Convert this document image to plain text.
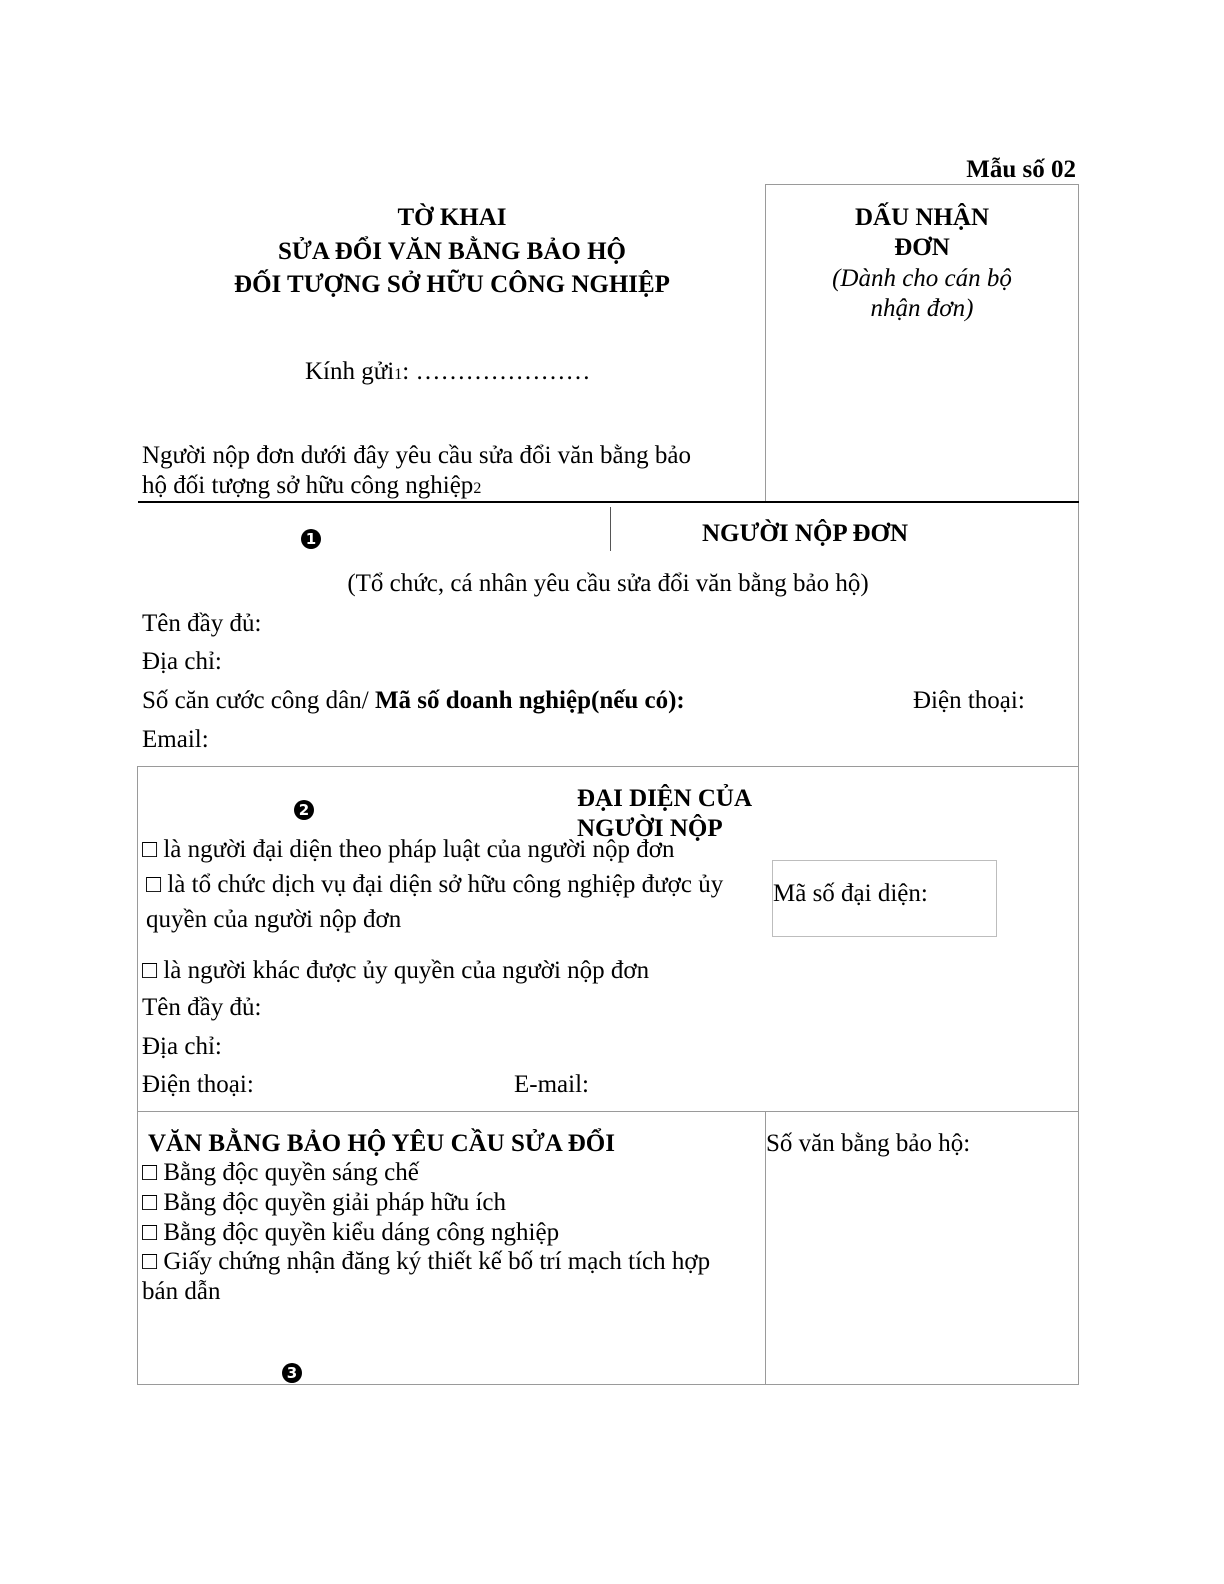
Mẫu số 02
TỜ KHAI
SỬA ĐỔI VĂN BẰNG BẢO HỘ
ĐỐI TƯỢNG SỞ HỮU CÔNG NGHIỆP
DẤU NHẬN
ĐƠN
(Dành cho cán bộ
nhận đơn)
Kính gửi1: …………………
Người nộp đơn dưới đây yêu cầu sửa đổi văn bằng bảo
hộ đối tượng sở hữu công nghiệp2
1	NGƯỜI NỘP ĐƠN
(Tổ chức, cá nhân yêu cầu sửa đổi văn bằng bảo hộ)
Tên đầy đủ:
Địa chỉ:
Số căn cước công dân/ Mã số doanh nghiệp(nếu có):	Điện thoại:
Email:
2	ĐẠI DIỆN CỦA
NGƯỜI NỘP
□ là người đại diện theo pháp luật của người nộp đơn
□ là tổ chức dịch vụ đại diện sở hữu công nghiệp được ủy
quyền của người nộp đơn
□ là người khác được ủy quyền của người nộp đơn
Mã số đại diện:
Tên đầy đủ:
Địa chỉ:
Điện thoại:	E-mail:
VĂN BẰNG BẢO HỘ YÊU CẦU SỬA ĐỔI	Số văn bằng bảo hộ:
□ Bằng độc quyền sáng chế
□ Bằng độc quyền giải pháp hữu ích
□ Bằng độc quyền kiểu dáng công nghiệp
□ Giấy chứng nhận đăng ký thiết kế bố trí mạch tích hợp
bán dẫn
3
